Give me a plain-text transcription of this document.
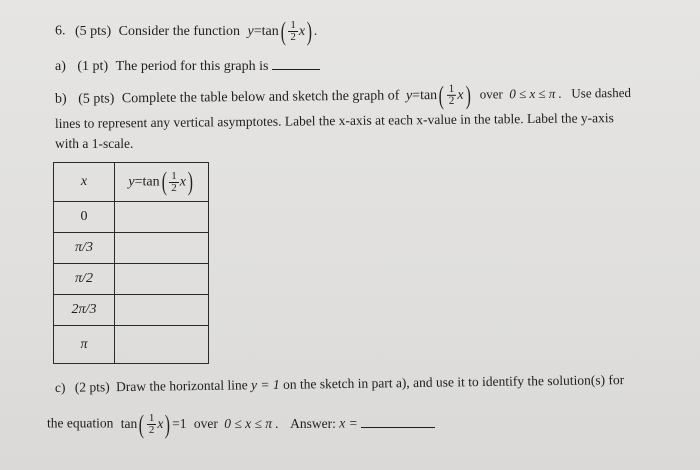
6. (5 pts) Consider the function $y=\tan( \frac{1}{2} x)$ .
a) (1 pt) The period for this graph is
b) (5 pts) Complete the table below and sketch the graph of $y=\tan( \frac{1}{2} x)$ over 0 ≤ x ≤ π . Use dashed
lines to represent any vertical asymptotes. Label the x-axis at each x-value in the table. Label the y-axis
with a 1-scale.
x	$y=\tan( \frac{1}{2} x)$
0	
π/3	
π/2	
2π/3	
π	
c) (2 pts) Draw the horizontal line y = 1 on the sketch in part a), and use it to identify the solution(s) for
the equation $\tan( \frac{1}{2} x) =1$ over 0 ≤ x ≤ π . Answer: x =
